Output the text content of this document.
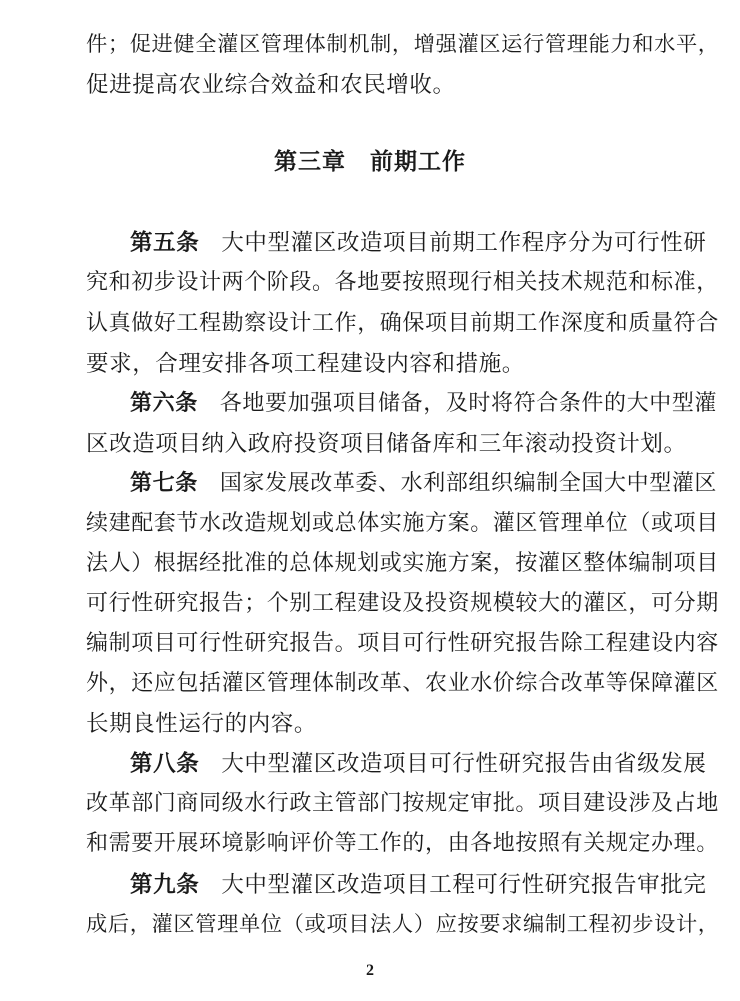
件；促进健全灌区管理体制机制，增强灌区运行管理能力和水平，
促进提高农业综合效益和农民增收。
第三章　前期工作
第五条 大中型灌区改造项目前期工作程序分为可行性研
究和初步设计两个阶段。各地要按照现行相关技术规范和标准，
认真做好工程勘察设计工作，确保项目前期工作深度和质量符合
要求，合理安排各项工程建设内容和措施。
第六条 各地要加强项目储备，及时将符合条件的大中型灌
区改造项目纳入政府投资项目储备库和三年滚动投资计划。
第七条 国家发展改革委、水利部组织编制全国大中型灌区
续建配套节水改造规划或总体实施方案。灌区管理单位（或项目
法人）根据经批准的总体规划或实施方案，按灌区整体编制项目
可行性研究报告；个别工程建设及投资规模较大的灌区，可分期
编制项目可行性研究报告。项目可行性研究报告除工程建设内容
外，还应包括灌区管理体制改革、农业水价综合改革等保障灌区
长期良性运行的内容。
第八条 大中型灌区改造项目可行性研究报告由省级发展
改革部门商同级水行政主管部门按规定审批。项目建设涉及占地
和需要开展环境影响评价等工作的，由各地按照有关规定办理。
第九条 大中型灌区改造项目工程可行性研究报告审批完
成后，灌区管理单位（或项目法人）应按要求编制工程初步设计，
2
